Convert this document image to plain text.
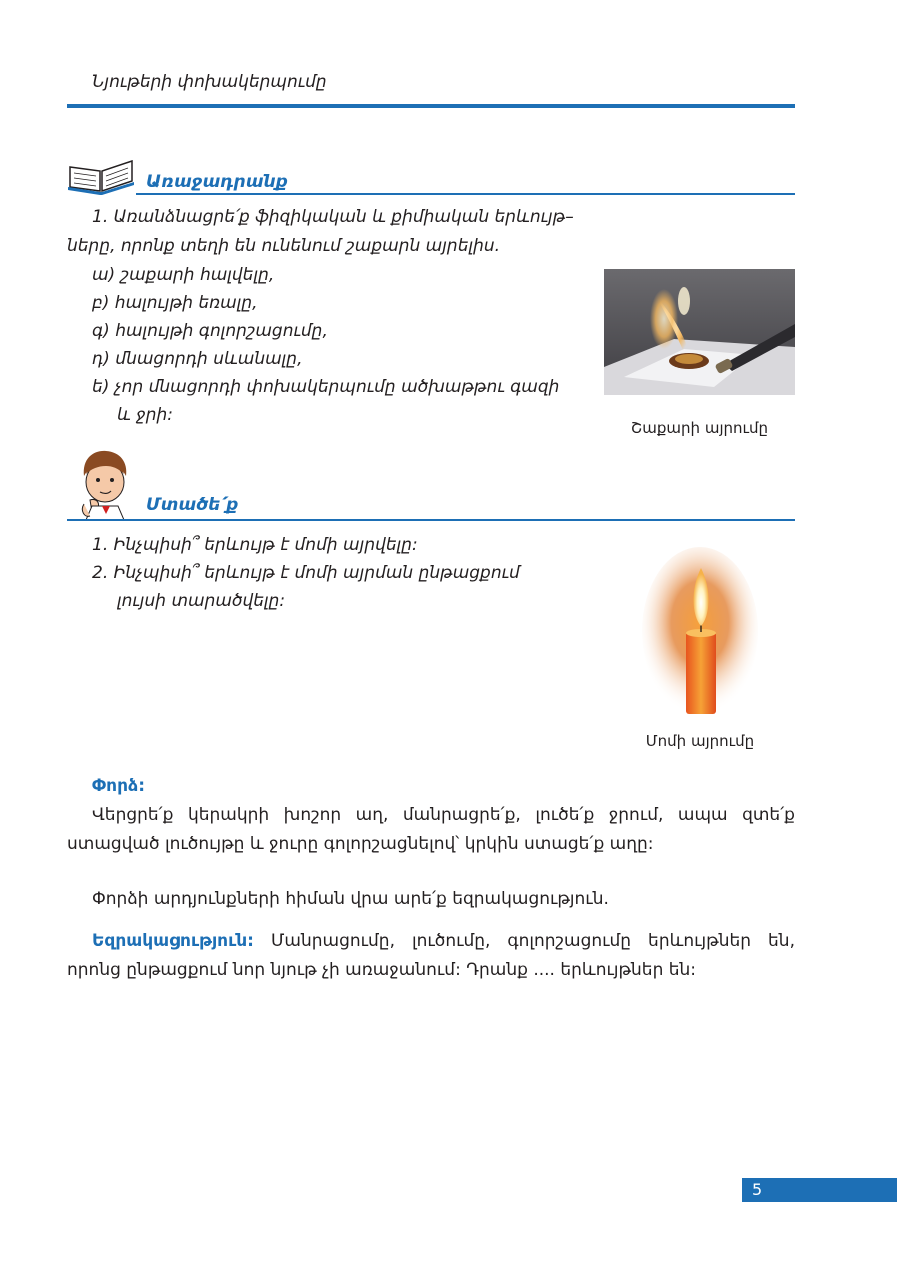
Նյութերի փոխակերպումը
Առաջադրանք
1. Առանձնացրե՛ք ֆիզիկական և քիմիական երևույթ–
ները, որոնք տեղի են ունենում շաքարն այրելիս.
ա) շաքարի հալվելը,
բ) հալույթի եռալը,
գ) հալույթի գոլորշացումը,
դ) մնացորդի սևանալը,
ե) չոր մնացորդի փոխակերպումը ածխաթթու գազի
և ջրի:
Շաքարի այրումը
Մտածե՛ք
1. Ինչպիսի՞ երևույթ է մոմի այրվելը:
2. Ինչպիսի՞ երևույթ է մոմի այրման ընթացքում
լույսի տարածվելը:
Մոմի այրումը
Փորձ:
Վերցրե՛ք կերակրի խոշոր աղ, մանրացրե՛ք, լուծե՛ք ջրում, ապա զտե՛ք
ստացված լուծույթը և ջուրը գոլորշացնելով՝ կրկին ստացե՛ք աղը:
Փորձի արդյունքների հիման վրա արե՛ք եզրակացություն.
Եզրակացություն: Մանրացումը, լուծումը, գոլորշացումը երևույթներ են,
որոնց ընթացքում նոր նյութ չի առաջանում: Դրանք .... երևույթներ են:
5
